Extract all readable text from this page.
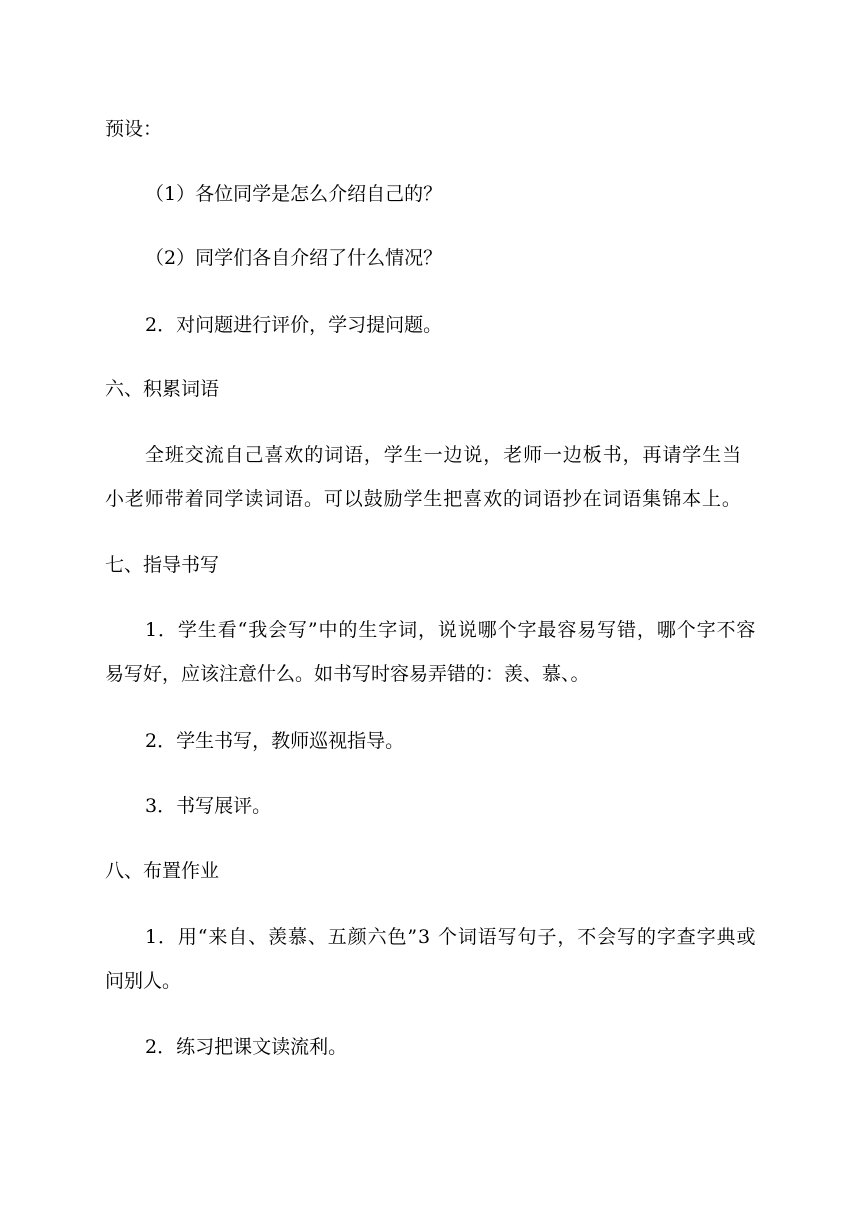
预设：
（1）各位同学是怎么介绍自己的？
（2）同学们各自介绍了什么情况？
2．对问题进行评价，学习提问题。
六、积累词语
全班交流自己喜欢的词语，学生一边说，老师一边板书，再请学生当
小老师带着同学读词语。可以鼓励学生把喜欢的词语抄在词语集锦本上。
七、指导书写
1．学生看“我会写”中的生字词，说说哪个字最容易写错，哪个字不容
易写好，应该注意什么。如书写时容易弄错的：羡、慕、。
2．学生书写，教师巡视指导。
3．书写展评。
八、布置作业
1．用“来自、羡慕、五颜六色”3 个词语写句子，不会写的字查字典或
问别人。
2．练习把课文读流利。
